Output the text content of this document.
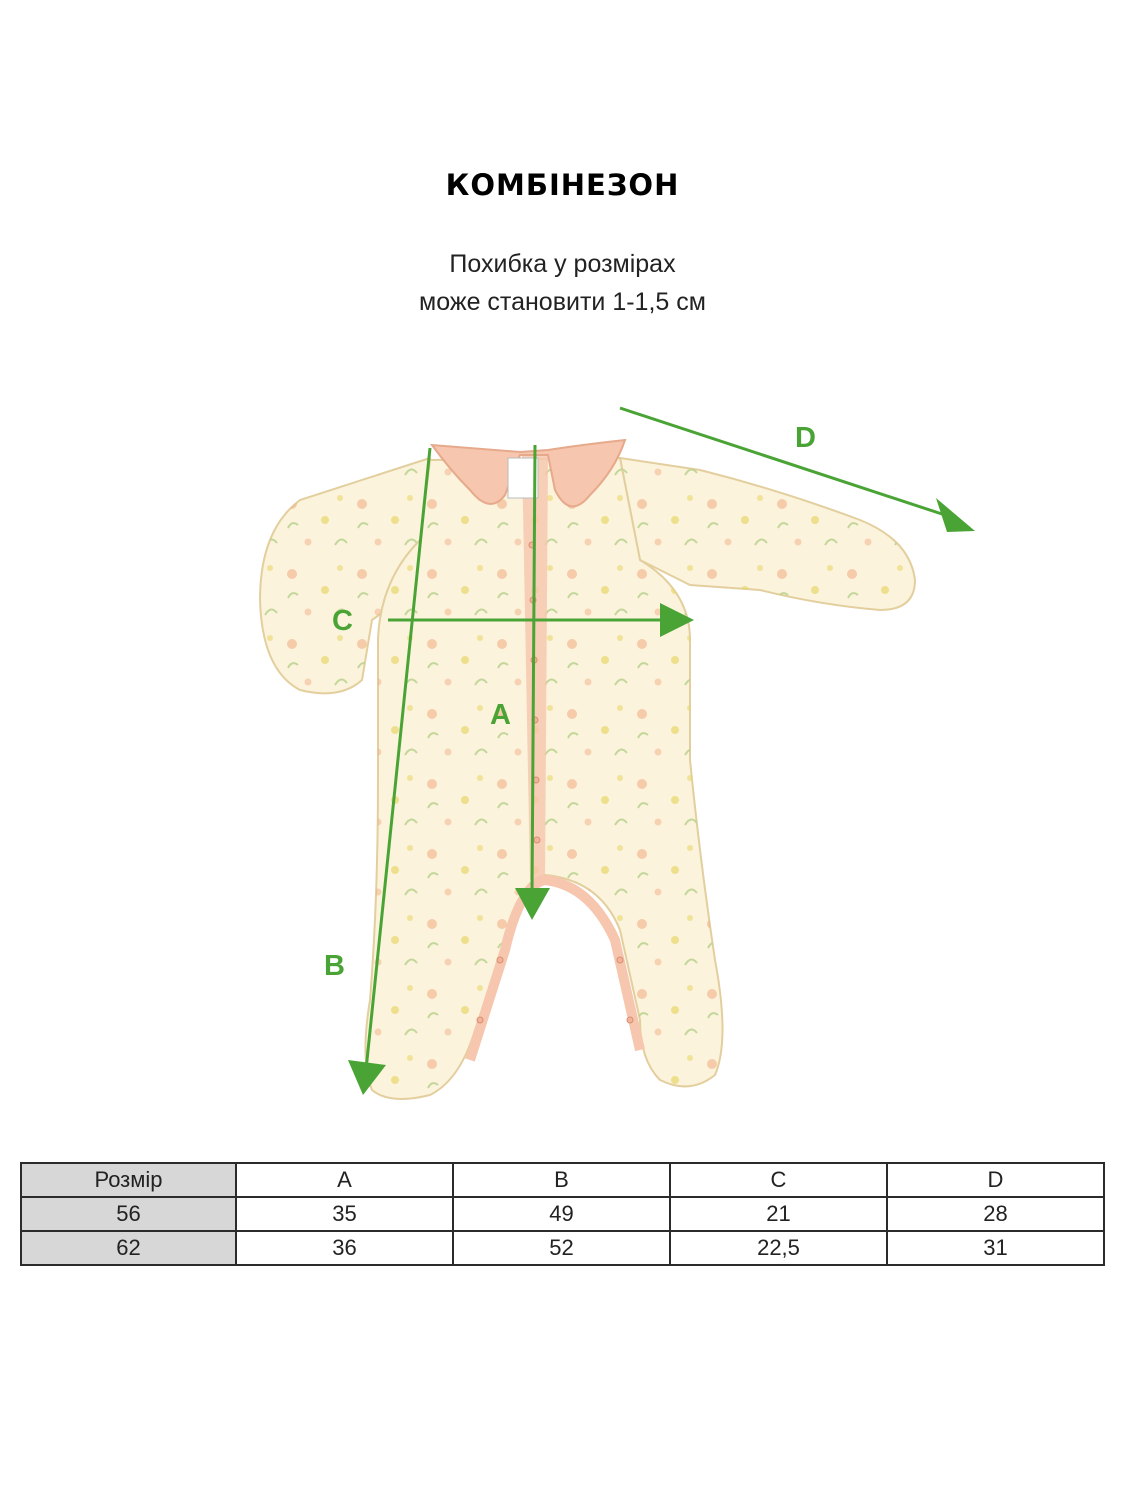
КОМБІНЕЗОН
Похибка у розмірах
може становити 1-1,5 см
A
B
C
D
Розмір	A	B	C	D
56	35	49	21	28
62	36	52	22,5	31
